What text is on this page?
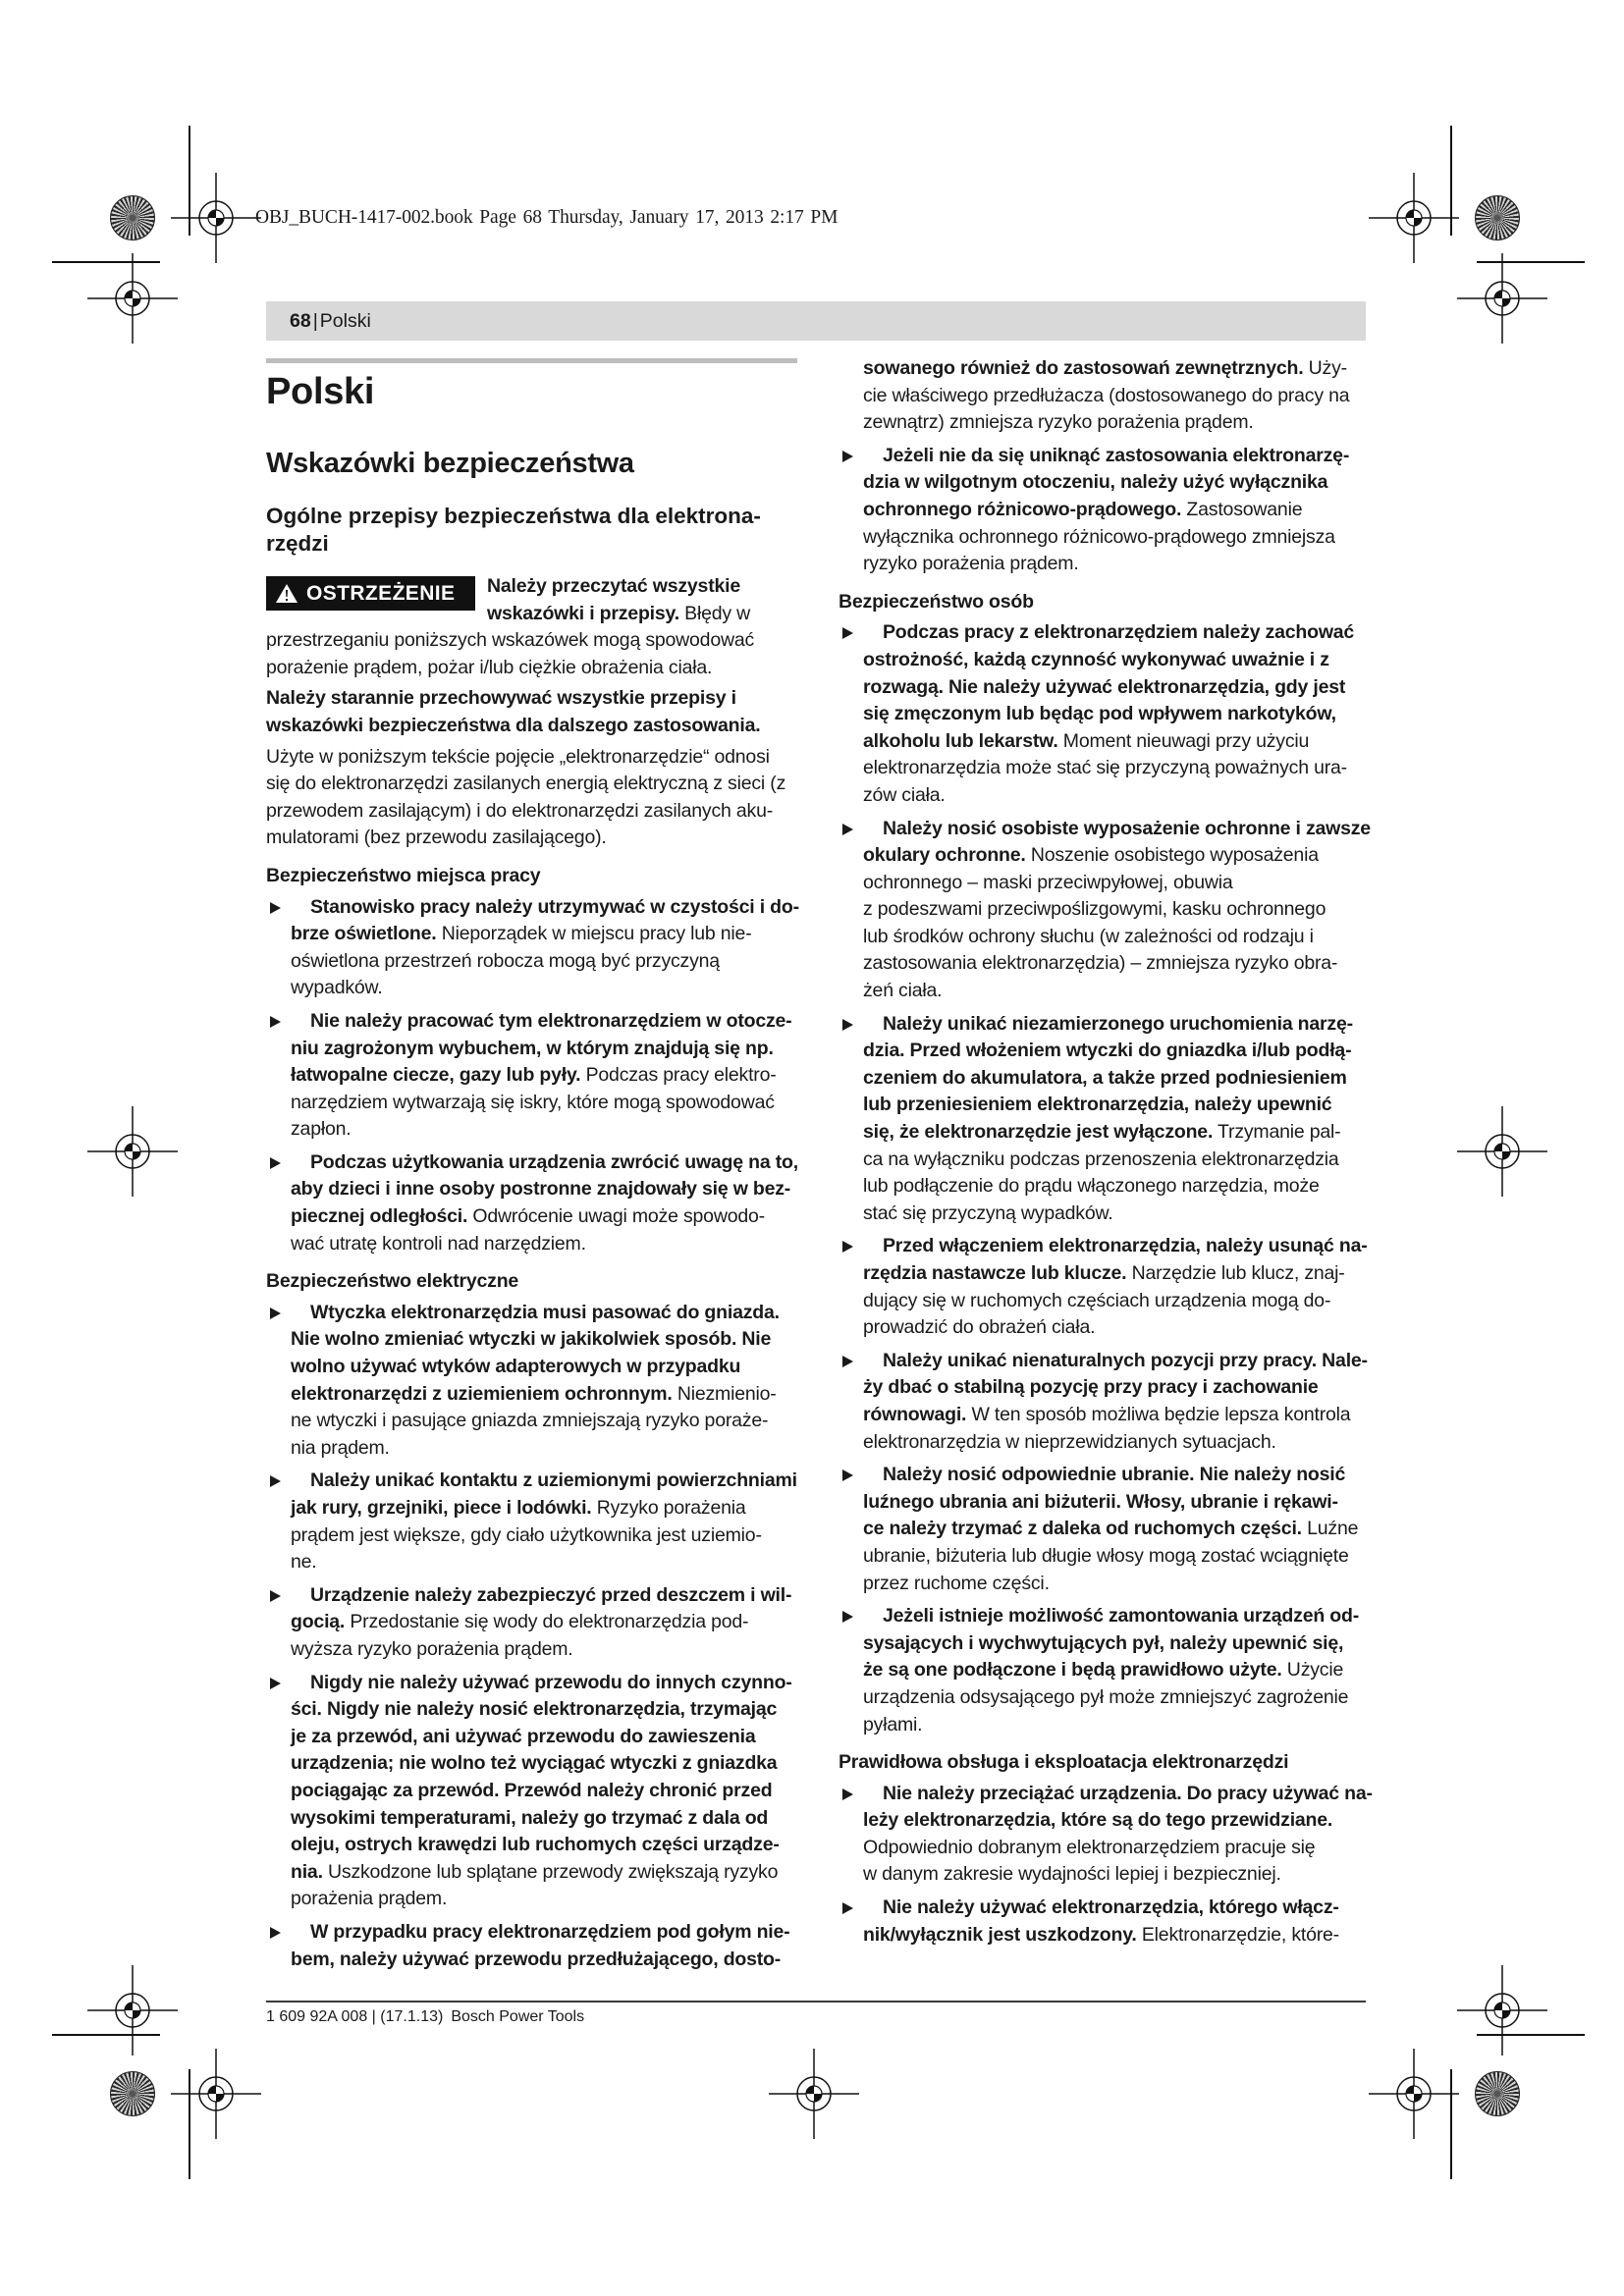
OBJ_BUCH-1417-002.book Page 68 Thursday, January 17, 2013 2:17 PM
68 | Polski
Polski
Wskazówki bezpieczeństwa
Ogólne przepisy bezpieczeństwa dla elektrona-
rzędzi
OSTRZEŻENIE	Należy przeczytać wszystkie
wskazówki i przepisy. Błędy w
przestrzeganiu poniższych wskazówek mogą spowodować
porażenie prądem, pożar i/lub ciężkie obrażenia ciała.
Należy starannie przechowywać wszystkie przepisy i
wskazówki bezpieczeństwa dla dalszego zastosowania.
Użyte w poniższym tekście pojęcie „elektronarzędzie“ odnosi
się do elektronarzędzi zasilanych energią elektryczną z sieci (z
przewodem zasilającym) i do elektronarzędzi zasilanych aku-
mulatorami (bez przewodu zasilającego).
Bezpieczeństwo miejsca pracy
Stanowisko pracy należy utrzymywać w czystości i do-
brze oświetlone. Nieporządek w miejscu pracy lub nie-
oświetlona przestrzeń robocza mogą być przyczyną
wypadków.
Nie należy pracować tym elektronarzędziem w otocze-
niu zagrożonym wybuchem, w którym znajdują się np.
łatwopalne ciecze, gazy lub pyły. Podczas pracy elektro-
narzędziem wytwarzają się iskry, które mogą spowodować
zapłon.
Podczas użytkowania urządzenia zwrócić uwagę na to,
aby dzieci i inne osoby postronne znajdowały się w bez-
piecznej odległości. Odwrócenie uwagi może spowodo-
wać utratę kontroli nad narzędziem.
Bezpieczeństwo elektryczne
Wtyczka elektronarzędzia musi pasować do gniazda.
Nie wolno zmieniać wtyczki w jakikolwiek sposób. Nie
wolno używać wtyków adapterowych w przypadku
elektronarzędzi z uziemieniem ochronnym. Niezmienio-
ne wtyczki i pasujące gniazda zmniejszają ryzyko poraże-
nia prądem.
Należy unikać kontaktu z uziemionymi powierzchniami
jak rury, grzejniki, piece i lodówki. Ryzyko porażenia
prądem jest większe, gdy ciało użytkownika jest uziemio-
ne.
Urządzenie należy zabezpieczyć przed deszczem i wil-
gocią. Przedostanie się wody do elektronarzędzia pod-
wyższa ryzyko porażenia prądem.
Nigdy nie należy używać przewodu do innych czynno-
ści. Nigdy nie należy nosić elektronarzędzia, trzymając
je za przewód, ani używać przewodu do zawieszenia
urządzenia; nie wolno też wyciągać wtyczki z gniazdka
pociągając za przewód. Przewód należy chronić przed
wysokimi temperaturami, należy go trzymać z dala od
oleju, ostrych krawędzi lub ruchomych części urządze-
nia. Uszkodzone lub splątane przewody zwiększają ryzyko
porażenia prądem.
W przypadku pracy elektronarzędziem pod gołym nie-
bem, należy używać przewodu przedłużającego, dosto-
sowanego również do zastosowań zewnętrznych. Uży-
cie właściwego przedłużacza (dostosowanego do pracy na
zewnątrz) zmniejsza ryzyko porażenia prądem.
Jeżeli nie da się uniknąć zastosowania elektronarzę-
dzia w wilgotnym otoczeniu, należy użyć wyłącznika
ochronnego różnicowo-prądowego. Zastosowanie
wyłącznika ochronnego różnicowo-prądowego zmniejsza
ryzyko porażenia prądem.
Bezpieczeństwo osób
Podczas pracy z elektronarzędziem należy zachować
ostrożność, każdą czynność wykonywać uważnie i z
rozwagą. Nie należy używać elektronarzędzia, gdy jest
się zmęczonym lub będąc pod wpływem narkotyków,
alkoholu lub lekarstw. Moment nieuwagi przy użyciu
elektronarzędzia może stać się przyczyną poważnych ura-
zów ciała.
Należy nosić osobiste wyposażenie ochronne i zawsze
okulary ochronne. Noszenie osobistego wyposażenia
ochronnego – maski przeciwpyłowej, obuwia
z podeszwami przeciwpoślizgowymi, kasku ochronnego
lub środków ochrony słuchu (w zależności od rodzaju i
zastosowania elektronarzędzia) – zmniejsza ryzyko obra-
żeń ciała.
Należy unikać niezamierzonego uruchomienia narzę-
dzia. Przed włożeniem wtyczki do gniazdka i/lub podłą-
czeniem do akumulatora, a także przed podniesieniem
lub przeniesieniem elektronarzędzia, należy upewnić
się, że elektronarzędzie jest wyłączone. Trzymanie pal-
ca na wyłączniku podczas przenoszenia elektronarzędzia
lub podłączenie do prądu włączonego narzędzia, może
stać się przyczyną wypadków.
Przed włączeniem elektronarzędzia, należy usunąć na-
rzędzia nastawcze lub klucze. Narzędzie lub klucz, znaj-
dujący się w ruchomych częściach urządzenia mogą do-
prowadzić do obrażeń ciała.
Należy unikać nienaturalnych pozycji przy pracy. Nale-
ży dbać o stabilną pozycję przy pracy i zachowanie
równowagi. W ten sposób możliwa będzie lepsza kontrola
elektronarzędzia w nieprzewidzianych sytuacjach.
Należy nosić odpowiednie ubranie. Nie należy nosić
luźnego ubrania ani biżuterii. Włosy, ubranie i rękawi-
ce należy trzymać z daleka od ruchomych części. Luźne
ubranie, biżuteria lub długie włosy mogą zostać wciągnięte
przez ruchome części.
Jeżeli istnieje możliwość zamontowania urządzeń od-
sysających i wychwytujących pył, należy upewnić się,
że są one podłączone i będą prawidłowo użyte. Użycie
urządzenia odsysającego pył może zmniejszyć zagrożenie
pyłami.
Prawidłowa obsługa i eksploatacja elektronarzędzi
Nie należy przeciążać urządzenia. Do pracy używać na-
leży elektronarzędzia, które są do tego przewidziane.
Odpowiednio dobranym elektronarzędziem pracuje się
w danym zakresie wydajności lepiej i bezpieczniej.
Nie należy używać elektronarzędzia, którego włącz-
nik/wyłącznik jest uszkodzony. Elektronarzędzie, które-
1 609 92A 008 | (17.1.13) Bosch Power Tools
